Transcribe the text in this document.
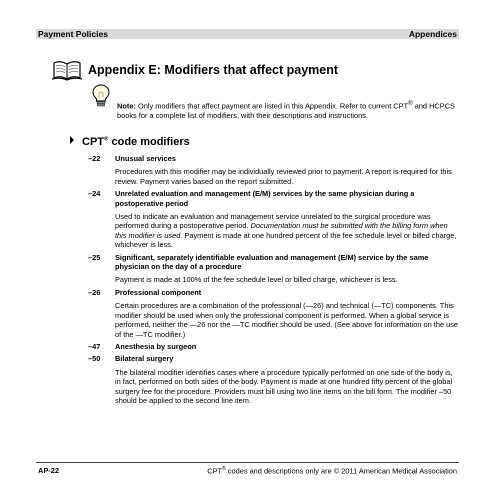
Payment Policies	Appendices
Appendix E: Modifiers that affect payment
Note: Only modifiers that affect payment are listed in this Appendix. Refer to current CPT® and HCPCS books for a complete list of modifiers, with their descriptions and instructions.
CPT® code modifiers
–22	Unusual services
Procedures with this modifier may be individually reviewed prior to payment. A report is required for this review. Payment varies based on the report submitted.
–24	Unrelated evaluation and management (E/M) services by the same physician during a postoperative period
Used to indicate an evaluation and management service unrelated to the surgical procedure was performed during a postoperative period. Documentation must be submitted with the billing form when this modifier is used. Payment is made at one hundred percent of the fee schedule level or billed charge, whichever is less.
–25	Significant, separately identifiable evaluation and management (E/M) service by the same physician on the day of a procedure
Payment is made at 100% of the fee schedule level or billed charge, whichever is less.
–26	Professional component
Certain procedures are a combination of the professional (—26) and technical (—TC) components. This modifier should be used when only the professional component is performed. When a global service is performed, neither the —26 nor the —TC modifier should be used. (See above for information on the use of the —TC modifier.)
–47	Anesthesia by surgeon
–50	Bilateral surgery
The bilateral modifier identifies cases where a procedure typically performed on one side of the body is, in fact, performed on both sides of the body. Payment is made at one hundred fifty percent of the global surgery fee for the procedure. Providers must bill using two line items on the bill form. The modifier –50 should be applied to the second line item.
AP-22	CPT® codes and descriptions only are © 2011 American Medical Association
